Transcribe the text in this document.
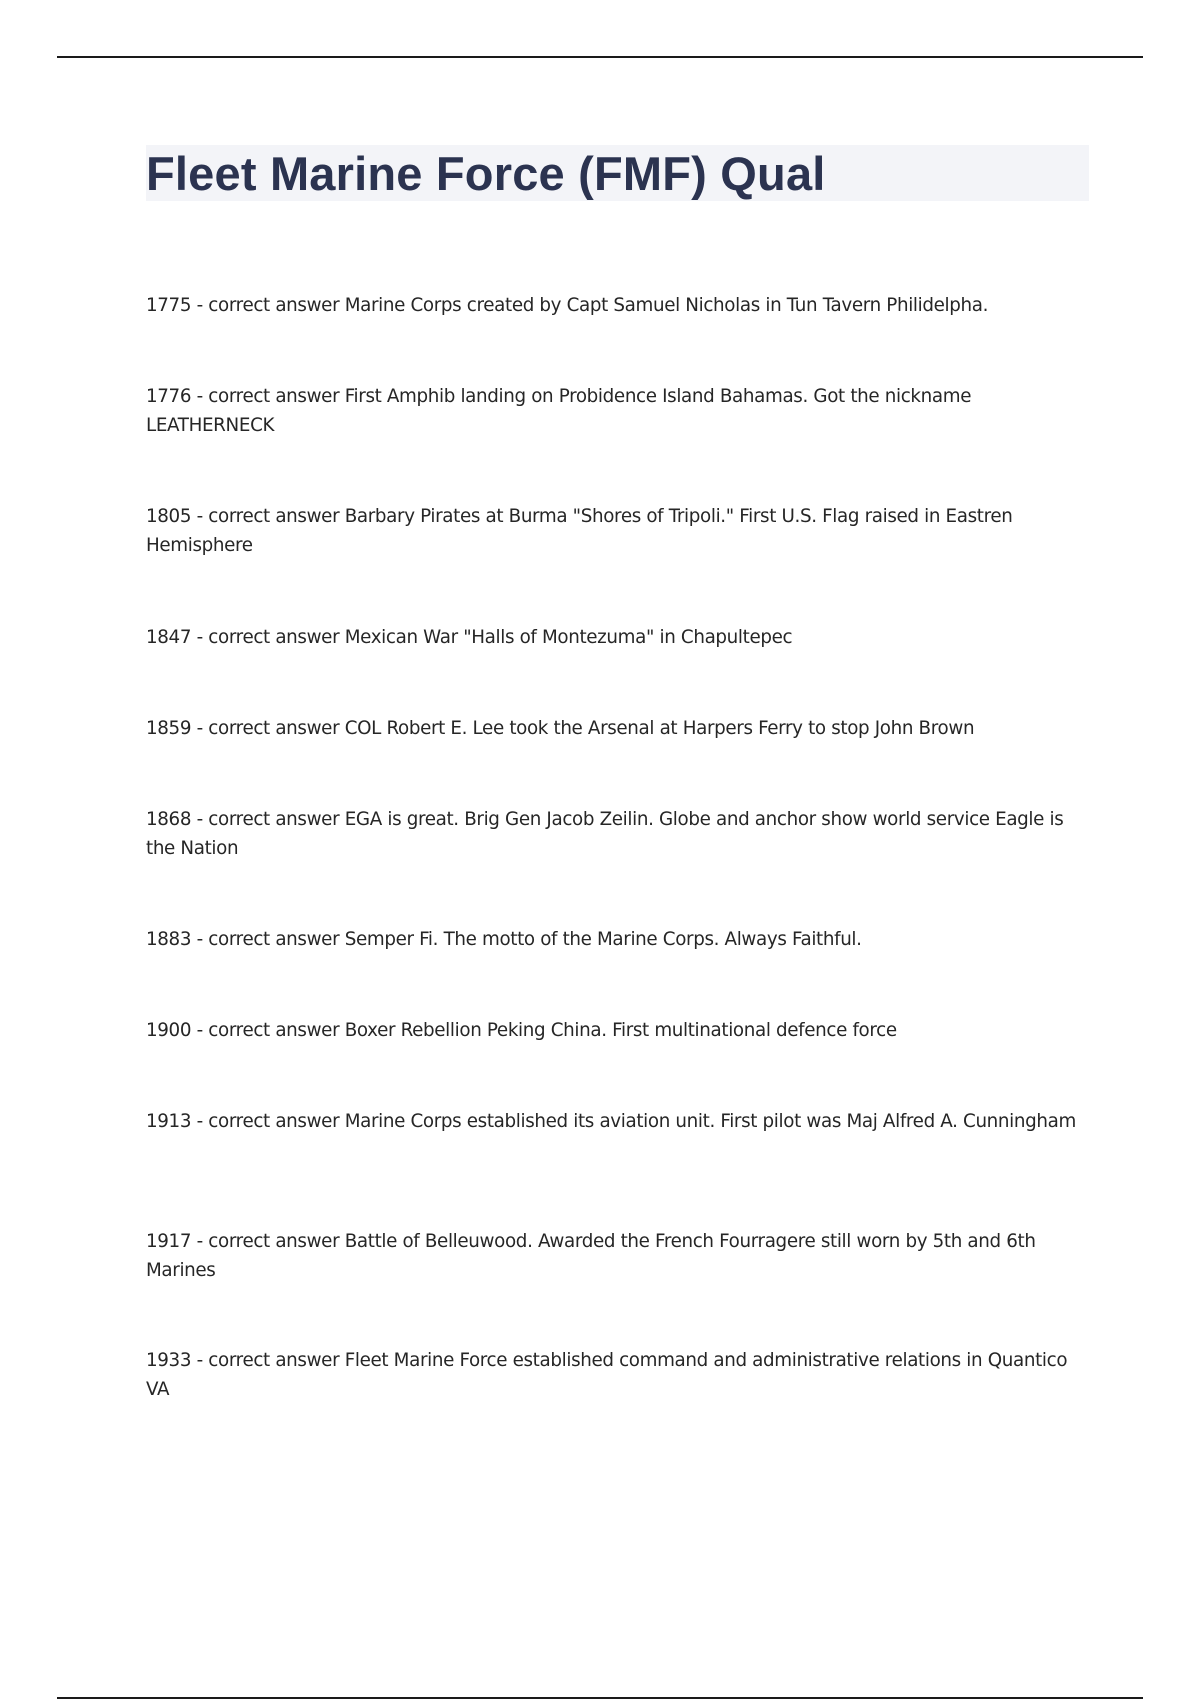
Fleet Marine Force (FMF) Qual

1775 - correct answer Marine Corps created by Capt Samuel Nicholas in Tun Tavern Philidelpha.

1776 - correct answer First Amphib landing on Probidence Island Bahamas. Got the nickname LEATHERNECK

1805 - correct answer Barbary Pirates at Burma "Shores of Tripoli." First U.S. Flag raised in Eastren Hemisphere

1847 - correct answer Mexican War "Halls of Montezuma" in Chapultepec

1859 - correct answer COL Robert E. Lee took the Arsenal at Harpers Ferry to stop John Brown

1868 - correct answer EGA is great. Brig Gen Jacob Zeilin. Globe and anchor show world service Eagle is the Nation

1883 - correct answer Semper Fi. The motto of the Marine Corps. Always Faithful.

1900 - correct answer Boxer Rebellion Peking China. First multinational defence force

1913 - correct answer Marine Corps established its aviation unit. First pilot was Maj Alfred A. Cunningham

1917 - correct answer Battle of Belleuwood. Awarded the French Fourragere still worn by 5th and 6th Marines

1933 - correct answer Fleet Marine Force established command and administrative relations in Quantico VA
